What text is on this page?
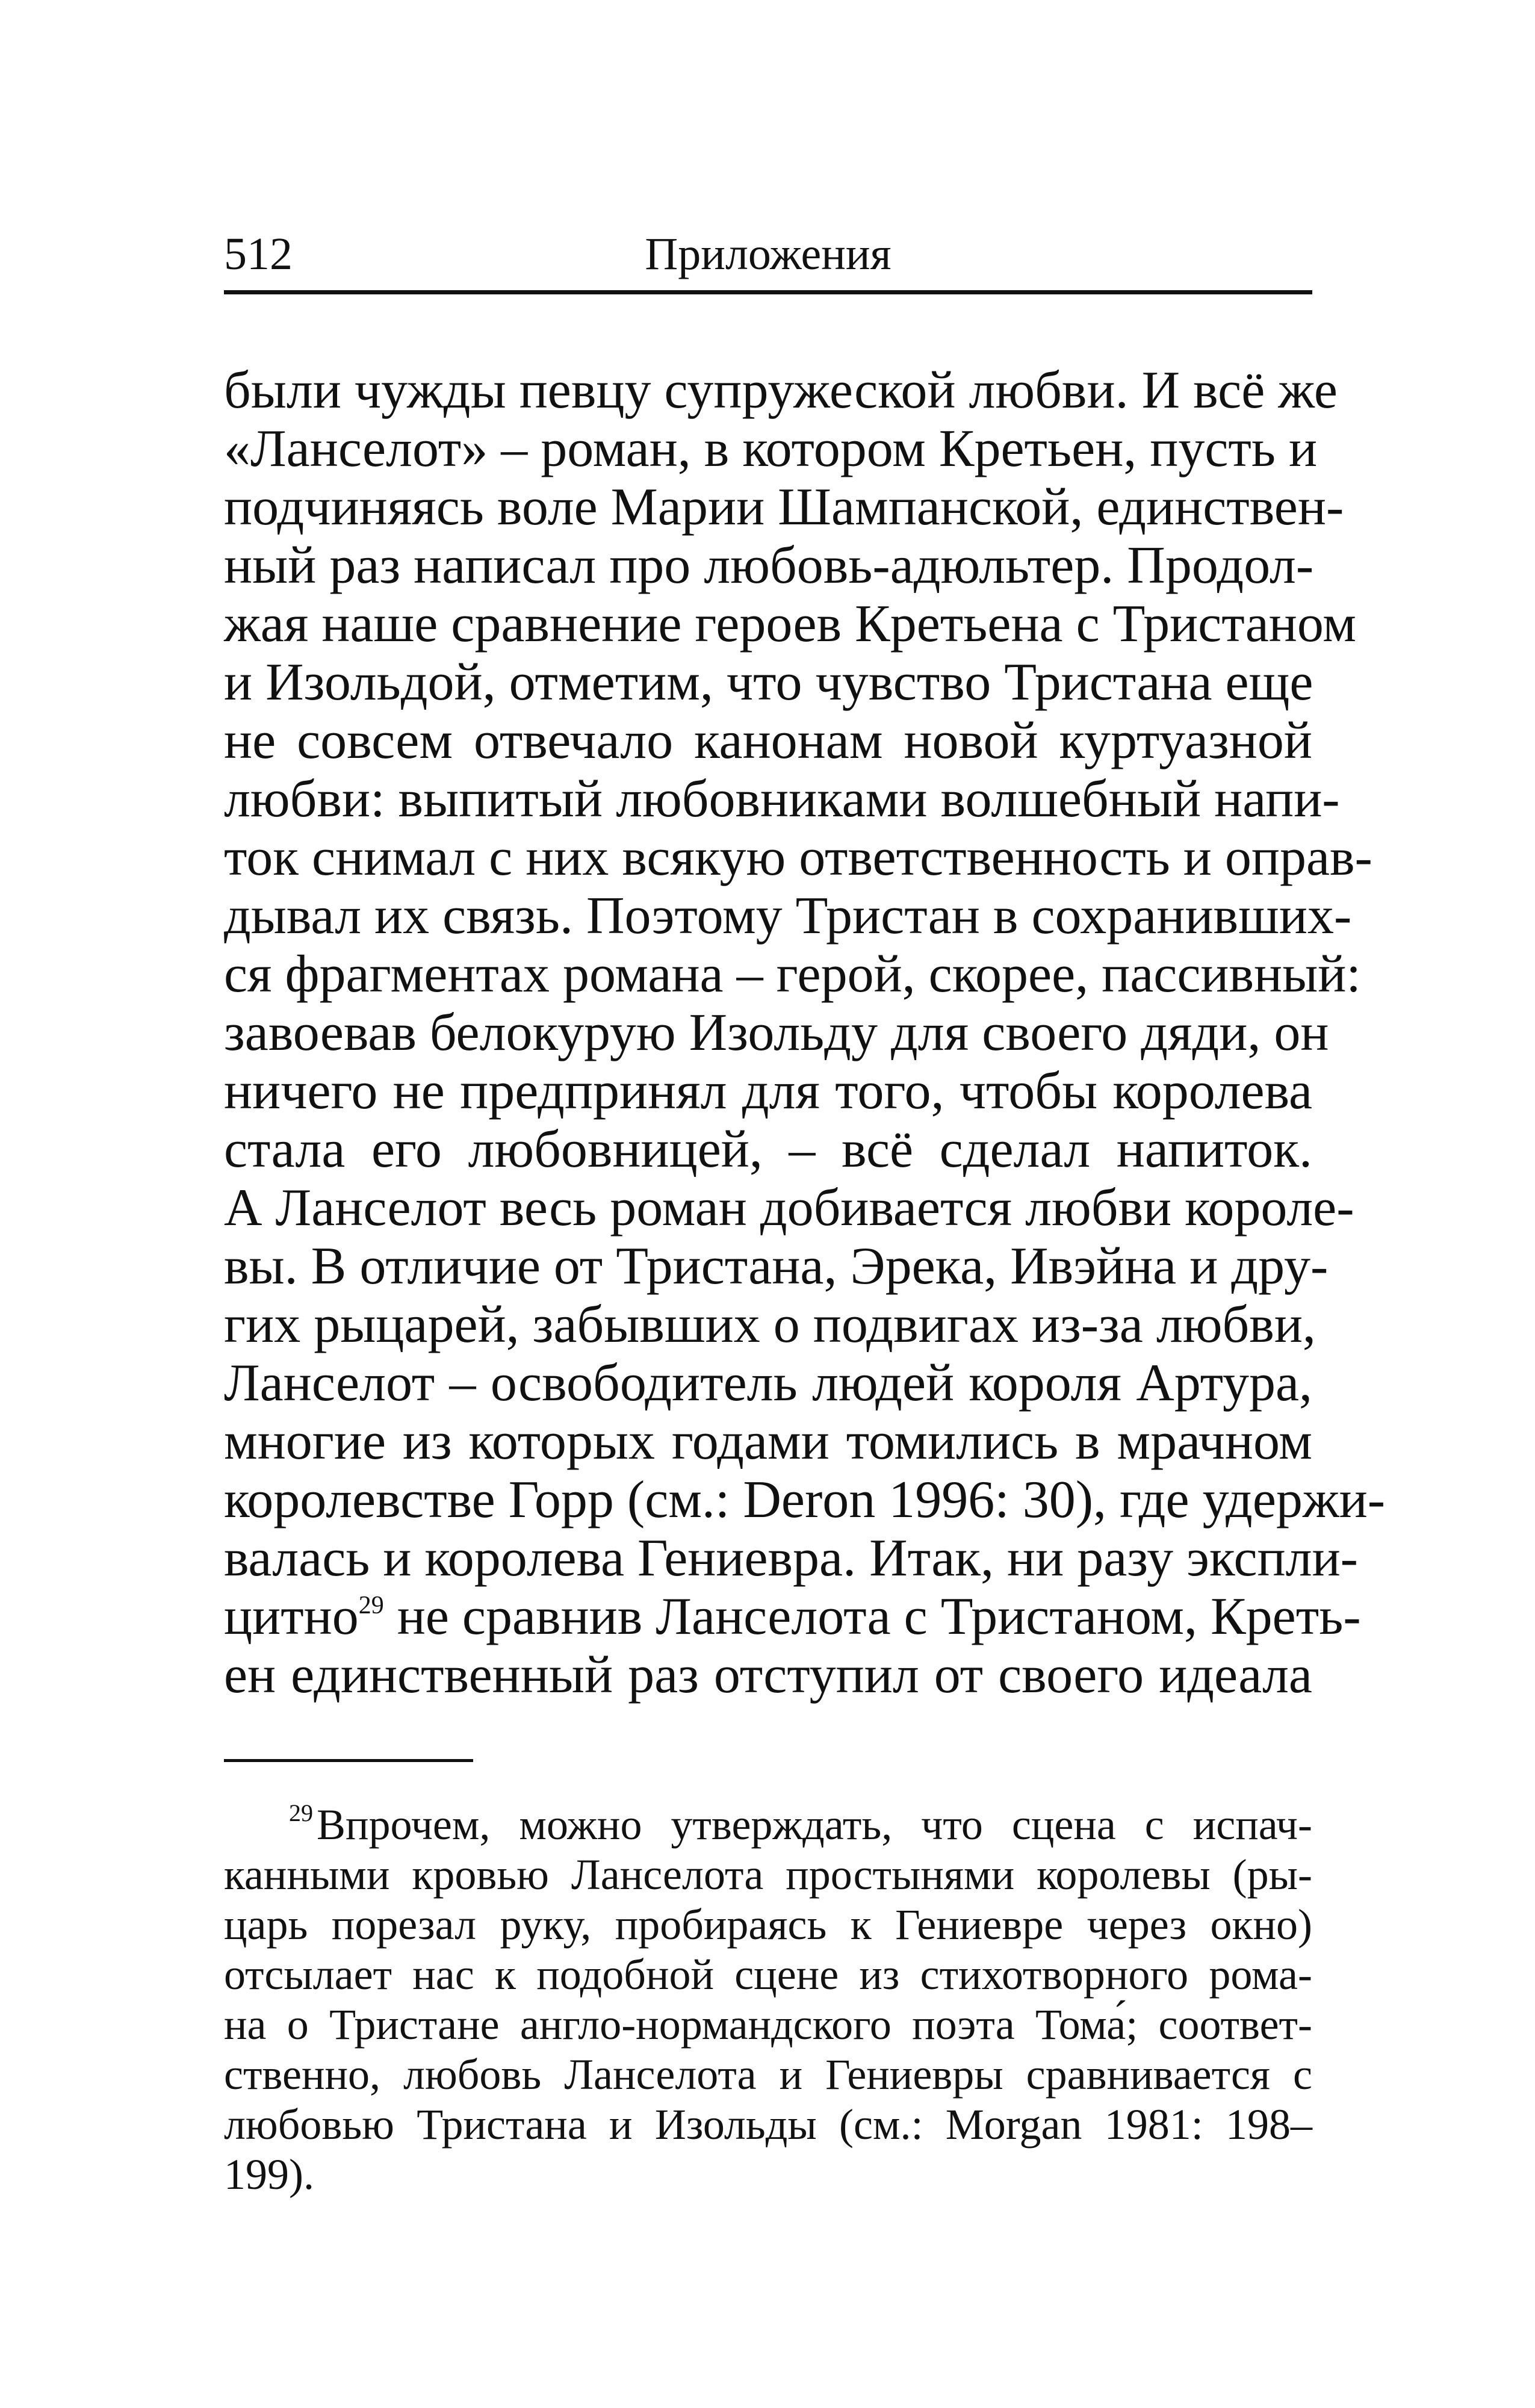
512	Приложения
были чужды певцу супружеской любви. И всё же
«Ланселот» – роман, в котором Кретьен, пусть и
подчиняясь воле Марии Шампанской, единствен-
ный раз написал про любовь-адюльтер. Продол-
жая наше сравнение героев Кретьена с Тристаном
и Изольдой, отметим, что чувство Тристана еще
не совсем отвечало канонам новой куртуазной
любви: выпитый любовниками волшебный напи-
ток снимал с них всякую ответственность и оправ-
дывал их связь. Поэтому Тристан в сохранивших-
ся фрагментах романа – герой, скорее, пассивный:
завоевав белокурую Изольду для своего дяди, он
ничего не предпринял для того, чтобы королева
стала его любовницей, – всё сделал напиток.
А Ланселот весь роман добивается любви короле-
вы. В отличие от Тристана, Эрека, Ивэйна и дру-
гих рыцарей, забывших о подвигах из-за любви,
Ланселот – освободитель людей короля Артура,
многие из которых годами томились в мрачном
королевстве Горр (см.: Deron 1996: 30), где удержи-
валась и королева Гениевра. Итак, ни разу экспли-
цитно$^{29}$ не сравнив Ланселота с Тристаном, Креть-
ен единственный раз отступил от своего идеала
$^{29}$Впрочем, можно утверждать, что сцена с испач-
канными кровью Ланселота простынями королевы (ры-
царь порезал руку, пробираясь к Гениевре через окно)
отсылает нас к подобной сцене из стихотворного рома-
на о Тристане англо-нормандского поэта Тома́; соответ-
ственно, любовь Ланселота и Гениевры сравнивается с
любовью Тристана и Изольды (см.: Morgan 1981: 198–
199).
